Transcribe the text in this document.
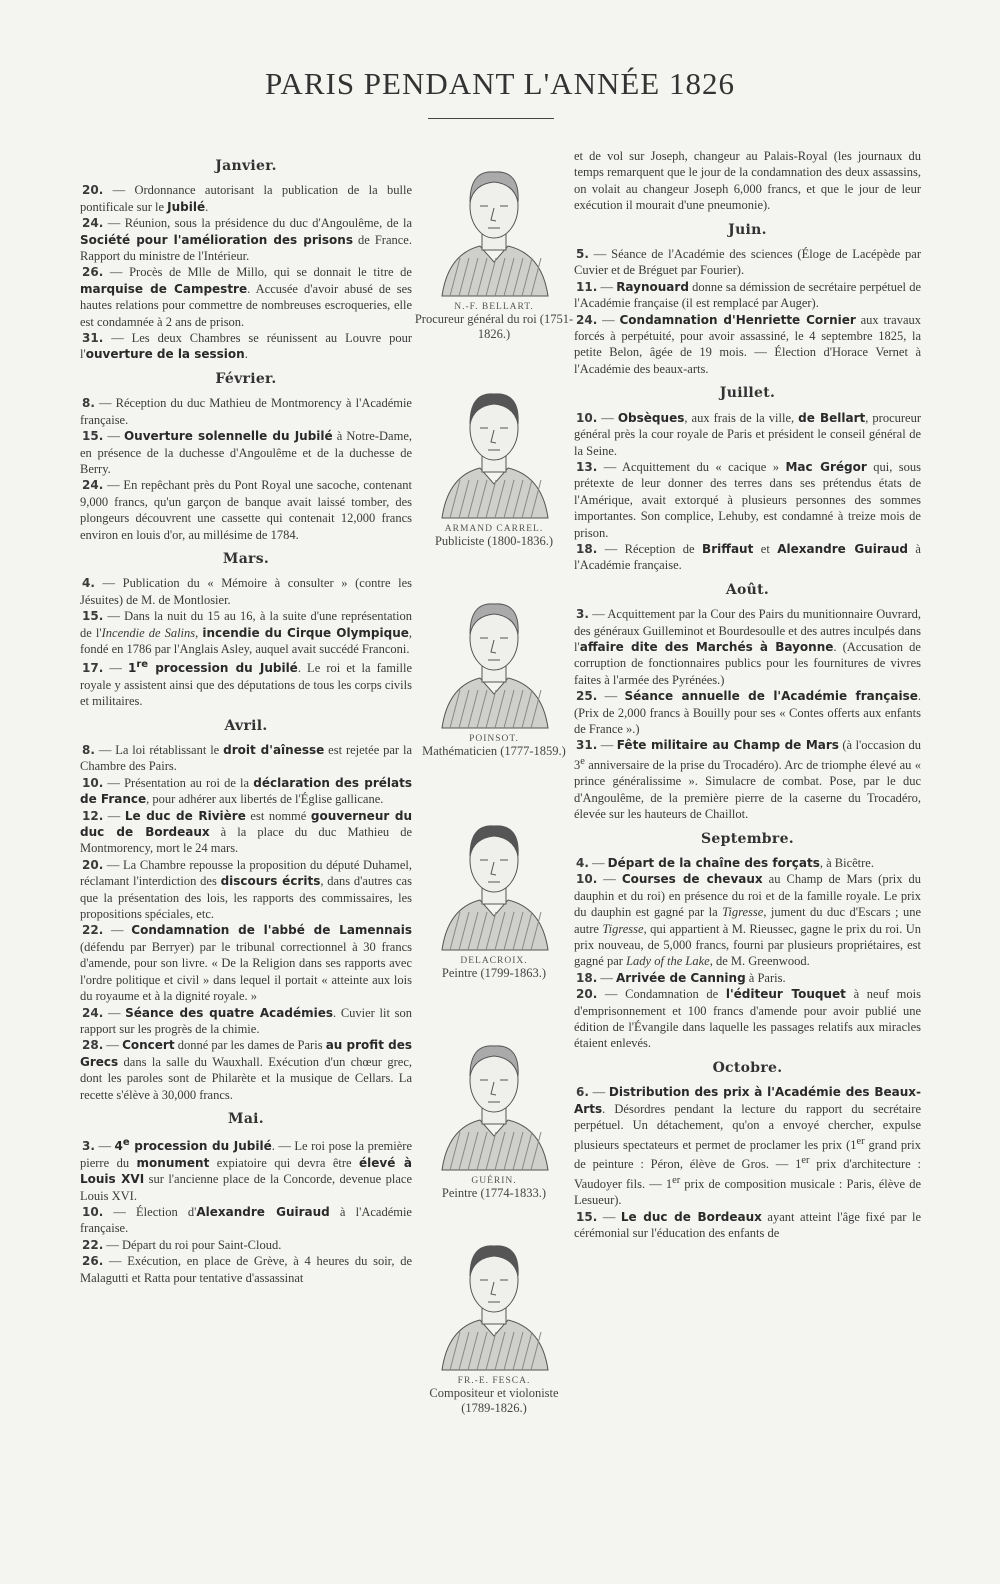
PARIS PENDANT L'ANNÉE 1826
Janvier.

20. — Ordonnance autorisant la publication de la bulle pontificale sur le Jubilé.

24. — Réunion, sous la présidence du duc d'Angoulême, de la Société pour l'amélioration des prisons de France. Rapport du ministre de l'Intérieur.

26. — Procès de Mlle de Millo, qui se donnait le titre de marquise de Campestre. Accusée d'avoir abusé de ses hautes relations pour commettre de nombreuses escroqueries, elle est condamnée à 2 ans de prison.

31. — Les deux Chambres se réunissent au Louvre pour l'ouverture de la session.

Février.

8. — Réception du duc Mathieu de Montmorency à l'Académie française.

15. — Ouverture solennelle du Jubilé à Notre-Dame, en présence de la duchesse d'Angoulême et de la duchesse de Berry.

24. — En repêchant près du Pont Royal une sacoche, contenant 9,000 francs, qu'un garçon de banque avait laissé tomber, des plongeurs découvrent une cassette qui contenait 12,000 francs environ en louis d'or, au millésime de 1784.

Mars.

4. — Publication du « Mémoire à consulter » (contre les Jésuites) de M. de Montlosier.

15. — Dans la nuit du 15 au 16, à la suite d'une représentation de l'Incendie de Salins, incendie du Cirque Olympique, fondé en 1786 par l'Anglais Asley, auquel avait succédé Franconi.

17. — 1re procession du Jubilé. Le roi et la famille royale y assistent ainsi que des députations de tous les corps civils et militaires.

Avril.

8. — La loi rétablissant le droit d'aînesse est rejetée par la Chambre des Pairs.

10. — Présentation au roi de la déclaration des prélats de France, pour adhérer aux libertés de l'Église gallicane.

12. — Le duc de Rivière est nommé gouverneur du duc de Bordeaux à la place du duc Mathieu de Montmorency, mort le 24 mars.

20. — La Chambre repousse la proposition du député Duhamel, réclamant l'interdiction des discours écrits, dans d'autres cas que la présentation des lois, les rapports des commissaires, les propositions spéciales, etc.

22. — Condamnation de l'abbé de Lamennais (défendu par Berryer) par le tribunal correctionnel à 30 francs d'amende, pour son livre. « De la Religion dans ses rapports avec l'ordre politique et civil » dans lequel il portait « atteinte aux lois du royaume et à la dignité royale. »

24. — Séance des quatre Académies. Cuvier lit son rapport sur les progrès de la chimie.

28. — Concert donné par les dames de Paris au profit des Grecs dans la salle du Wauxhall. Exécution d'un chœur grec, dont les paroles sont de Philarète et la musique de Cellars. La recette s'élève à 30,000 francs.

Mai.

3. — 4e procession du Jubilé. — Le roi pose la première pierre du monument expiatoire qui devra être élevé à Louis XVI sur l'ancienne place de la Concorde, devenue place Louis XVI.

10. — Élection d'Alexandre Guiraud à l'Académie française.

22. — Départ du roi pour Saint-Cloud.

26. — Exécution, en place de Grève, à 4 heures du soir, de Malagutti et Ratta pour tentative d'assassinat

N.-F. BELLART.
Procureur général du roi (1751-1826.)
ARMAND CARREL.
Publiciste (1800-1836.)
POINSOT.
Mathématicien (1777-1859.)
DELACROIX.
Peintre (1799-1863.)
GUÉRIN.
Peintre (1774-1833.)
FR.-E. FESCA.
Compositeur et violoniste (1789-1826.)

et de vol sur Joseph, changeur au Palais-Royal (les journaux du temps remarquent que le jour de la condamnation des deux assassins, on volait au changeur Joseph 6,000 francs, et que le jour de leur exécution il mourait d'une pneumonie).

Juin.

5. — Séance de l'Académie des sciences (Éloge de Lacépède par Cuvier et de Bréguet par Fourier).

11. — Raynouard donne sa démission de secrétaire perpétuel de l'Académie française (il est remplacé par Auger).

24. — Condamnation d'Henriette Cornier aux travaux forcés à perpétuité, pour avoir assassiné, le 4 septembre 1825, la petite Belon, âgée de 19 mois. — Élection d'Horace Vernet à l'Académie des beaux-arts.

Juillet.

10. — Obsèques, aux frais de la ville, de Bellart, procureur général près la cour royale de Paris et président le conseil général de la Seine.

13. — Acquittement du « cacique » Mac Grégor qui, sous prétexte de leur donner des terres dans ses prétendus états de l'Amérique, avait extorqué à plusieurs personnes des sommes importantes. Son complice, Lehuby, est condamné à treize mois de prison.

18. — Réception de Briffaut et Alexandre Guiraud à l'Académie française.

Août.

3. — Acquittement par la Cour des Pairs du munitionnaire Ouvrard, des généraux Guilleminot et Bourdesoulle et des autres inculpés dans l'affaire dite des Marchés à Bayonne. (Accusation de corruption de fonctionnaires publics pour les fournitures de vivres faites à l'armée des Pyrénées.)

25. — Séance annuelle de l'Académie française. (Prix de 2,000 francs à Bouilly pour ses « Contes offerts aux enfants de France ».)

31. — Fête militaire au Champ de Mars (à l'occasion du 3e anniversaire de la prise du Trocadéro). Arc de triomphe élevé au « prince généralissime ». Simulacre de combat. Pose, par le duc d'Angoulême, de la première pierre de la caserne du Trocadéro, élevée sur les hauteurs de Chaillot.

Septembre.

4. — Départ de la chaîne des forçats, à Bicêtre.

10. — Courses de chevaux au Champ de Mars (prix du dauphin et du roi) en présence du roi et de la famille royale. Le prix du dauphin est gagné par la Tigresse, jument du duc d'Escars ; une autre Tigresse, qui appartient à M. Rieussec, gagne le prix du roi. Un prix nouveau, de 5,000 francs, fourni par plusieurs propriétaires, est gagné par Lady of the Lake, de M. Greenwood.

18. — Arrivée de Canning à Paris.

20. — Condamnation de l'éditeur Touquet à neuf mois d'emprisonnement et 100 francs d'amende pour avoir publié une édition de l'Évangile dans laquelle les passages relatifs aux miracles étaient enlevés.

Octobre.

6. — Distribution des prix à l'Académie des Beaux-Arts. Désordres pendant la lecture du rapport du secrétaire perpétuel. Un détachement, qu'on a envoyé chercher, expulse plusieurs spectateurs et permet de proclamer les prix (1er grand prix de peinture : Péron, élève de Gros. — 1er prix d'architecture : Vaudoyer fils. — 1er prix de composition musicale : Paris, élève de Lesueur).

15. — Le duc de Bordeaux ayant atteint l'âge fixé par le cérémonial sur l'éducation des enfants de
